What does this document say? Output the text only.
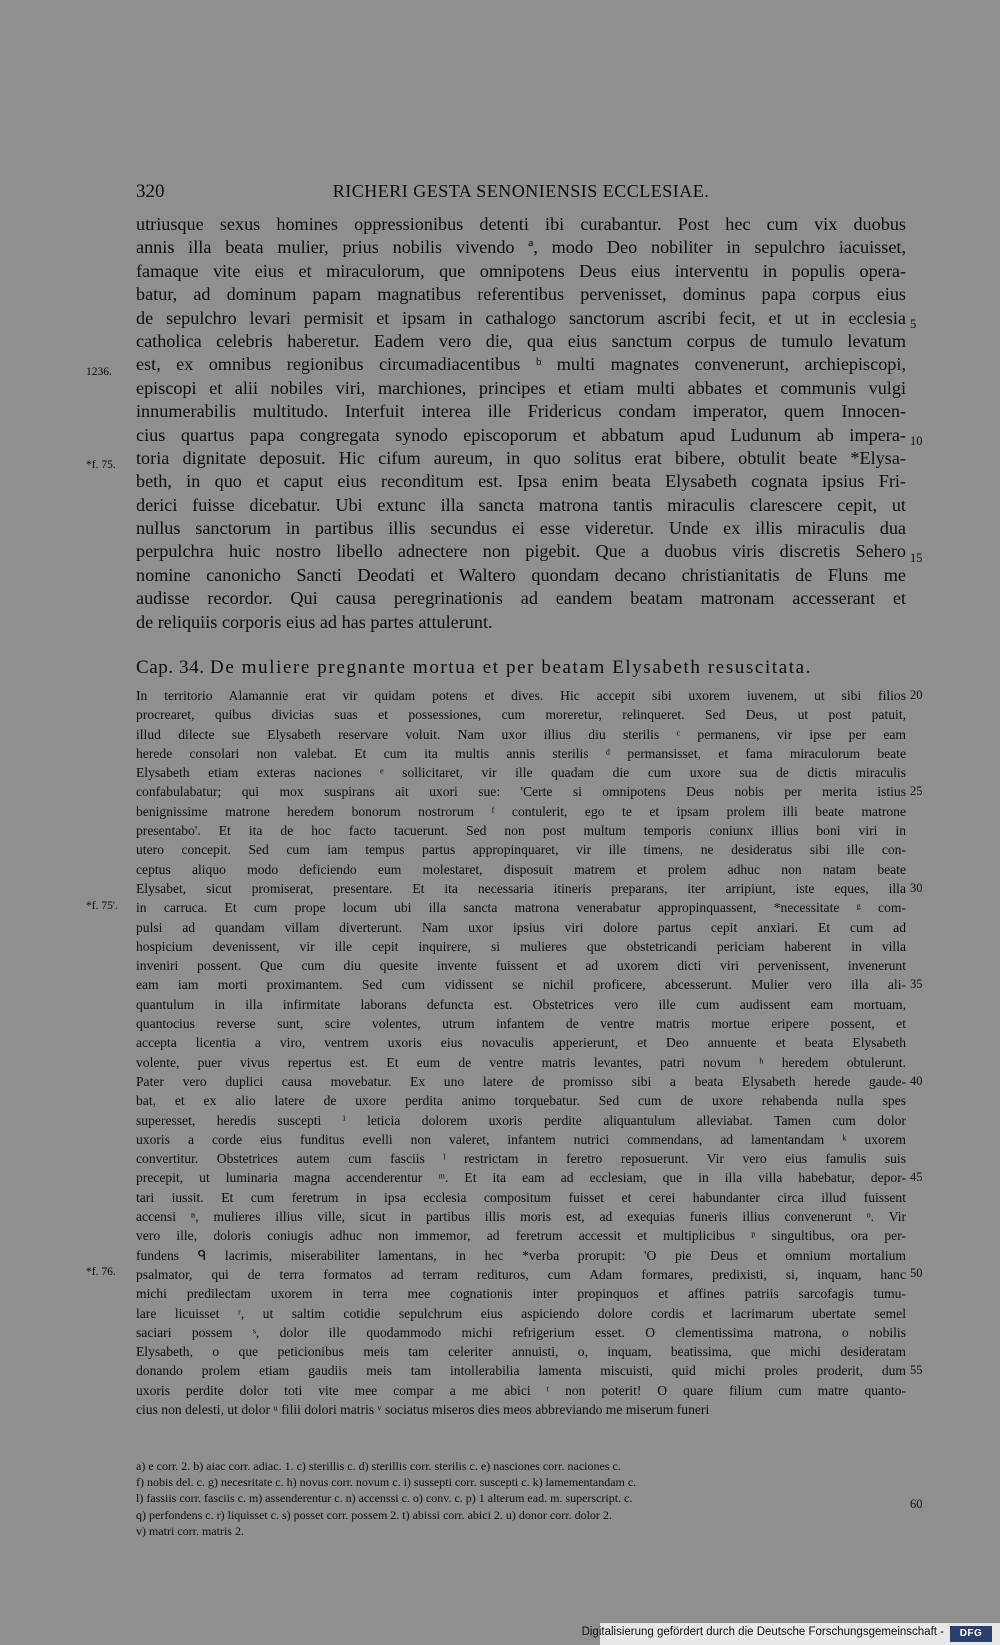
320	RICHERI GESTA SENONIENSIS ECCLESIAE.
utriusque sexus homines oppressionibus detenti ibi curabantur. Post hec cum vix duobus
annis illa beata mulier, prius nobilis vivendo ª, modo Deo nobiliter in sepulchro iacuisset,
famaque vite eius et miraculorum, que omnipotens Deus eius interventu in populis opera-
batur, ad dominum papam magnatibus referentibus pervenisset, dominus papa corpus eius
de sepulchro levari permisit et ipsam in cathalogo sanctorum ascribi fecit, et ut in ecclesia
catholica celebris haberetur. Eadem vero die, qua eius sanctum corpus de tumulo levatum
est, ex omnibus regionibus circumadiacentibus ᵇ multi magnates convenerunt, archiepiscopi,
episcopi et alii nobiles viri, marchiones, principes et etiam multi abbates et communis vulgi
innumerabilis multitudo. Interfuit interea ille Fridericus condam imperator, quem Innocen-
cius quartus papa congregata synodo episcoporum et abbatum apud Ludunum ab impera-
toria dignitate deposuit. Hic cifum aureum, in quo solitus erat bibere, obtulit beate *Elysa-
beth, in quo et caput eius reconditum est. Ipsa enim beata Elysabeth cognata ipsius Fri-
derici fuisse dicebatur. Ubi extunc illa sancta matrona tantis miraculis clarescere cepit, ut
nullus sanctorum in partibus illis secundus ei esse videretur. Unde ex illis miraculis dua
perpulchra huic nostro libello adnectere non pigebit. Que a duobus viris discretis Sehero
nomine canonicho Sancti Deodati et Waltero quondam decano christianitatis de Fluns me
audisse recordor. Qui causa peregrinationis ad eandem beatam matronam accesserant et
de reliquiis corporis eius ad has partes attulerunt.
Cap. 34. De muliere pregnante mortua et per beatam Elysabeth resuscitata.
In territorio Alamannie erat vir quidam potens et dives. Hic accepit sibi uxorem iuvenem, ut sibi filios
procrearet, quibus divicias suas et possessiones, cum moreretur, relinqueret. Sed Deus, ut post patuit,
illud dilecte sue Elysabeth reservare voluit. Nam uxor illius diu sterilis ᶜ permanens, vir ipse per eam
herede consolari non valebat. Et cum ita multis annis sterilis ᵈ permansisset, et fama miraculorum beate
Elysabeth etiam exteras naciones ᵉ sollicitaret, vir ille quadam die cum uxore sua de dictis miraculis
confabulabatur; qui mox suspirans ait uxori sue: 'Certe si omnipotens Deus nobis per merita istius
benignissime matrone heredem bonorum nostrorum ᶠ contulerit, ego te et ipsam prolem illi beate matrone
presentabo'. Et ita de hoc facto tacuerunt. Sed non post multum temporis coniunx illius boni viri in
utero concepit. Sed cum iam tempus partus appropinquaret, vir ille timens, ne desideratus sibi ille con-
ceptus aliquo modo deficiendo eum molestaret, disposuit matrem et prolem adhuc non natam beate
Elysabet, sicut promiserat, presentare. Et ita necessaria itineris preparans, iter arripiunt, iste eques, illa
in carruca. Et cum prope locum ubi illa sancta matrona venerabatur appropinquassent, *necessitate ᵍ com-
pulsi ad quandam villam diverterunt. Nam uxor ipsius viri dolore partus cepit anxiari. Et cum ad
hospicium devenissent, vir ille cepit inquirere, si mulieres que obstetricandi periciam haberent in villa
inveniri possent. Que cum diu quesite invente fuissent et ad uxorem dicti viri pervenissent, invenerunt
eam iam morti proximantem. Sed cum vidissent se nichil proficere, abcesserunt. Mulier vero illa ali-
quantulum in illa infirmitate laborans defuncta est. Obstetrices vero ille cum audissent eam mortuam,
quantocius reverse sunt, scire volentes, utrum infantem de ventre matris mortue eripere possent, et
accepta licentia a viro, ventrem uxoris eius novaculis apperierunt, et Deo annuente et beata Elysabeth
volente, puer vivus repertus est. Et eum de ventre matris levantes, patri novum ʰ heredem obtulerunt.
Pater vero duplici causa movebatur. Ex uno latere de promisso sibi a beata Elysabeth herede gaude-
bat, et ex alio latere de uxore perdita animo torquebatur. Sed cum de uxore rehabenda nulla spes
superesset, heredis suscepti ⁱ leticia dolorem uxoris perdite aliquantulum alleviabat. Tamen cum dolor
uxoris a corde eius funditus evelli non valeret, infantem nutrici commendans, ad lamentandam ᵏ uxorem
convertitur. Obstetrices autem cum fasciis ˡ restrictam in feretro reposuerunt. Vir vero eius famulis suis
precepit, ut luminaria magna accenderentur ᵐ. Et ita eam ad ecclesiam, que in illa villa habebatur, depor-
tari iussit. Et cum feretrum in ipsa ecclesia compositum fuisset et cerei habundanter circa illud fuissent
accensi ⁿ, mulieres illius ville, sicut in partibus illis moris est, ad exequias funeris illius convenerunt ᵒ. Vir
vero ille, doloris coniugis adhuc non immemor, ad feretrum accessit et multiplicibus ᵖ singultibus, ora per-
fundens ᑫ lacrimis, miserabiliter lamentans, in hec *verba prorupit: 'O pie Deus et omnium mortalium
psalmator, qui de terra formatos ad terram redituros, cum Adam formares, predixisti, si, inquam, hanc
michi predilectam uxorem in terra mee cognationis inter propinquos et affines patriis sarcofagis tumu-
lare licuisset ʳ, ut saltim cotidie sepulchrum eius aspiciendo dolore cordis et lacrimarum ubertate semel
saciari possem ˢ, dolor ille quodammodo michi refrigerium esset. O clementissima matrona, o nobilis
Elysabeth, o que peticionibus meis tam celeriter annuisti, o, inquam, beatissima, que michi desideratam
donando prolem etiam gaudiis meis tam intollerabilia lamenta miscuisti, quid michi proles proderit, dum
uxoris perdite dolor toti vite mee compar a me abici ᵗ non poterit! O quare filium cum matre quanto-
cius non delesti, ut dolor ᵘ filii dolori matris ᵛ sociatus miseros dies meos abbreviando me miserum funeri
a) e corr. 2. b) aiac corr. adiac. 1. c) sterillis c. d) sterillis corr. sterilis c. e) nasciones corr. naciones c.
f) nobis del. c. g) necesritate c. h) novus corr. novum c. i) sussepti corr. suscepti c. k) lamementandam c.
l) fassiis corr. fasciis c. m) assenderentur c. n) accenssi c. o) conv. c. p) 1 alterum ead. m. superscript. c.
q) perfondens c. r) liquisset c. s) posset corr. possem 2. t) abissi corr. abici 2. u) donor corr. dolor 2.
v) matri corr. matris 2.
5
10
15
1236.
*f. 75.
20
25
30
35
40
45
50
55
60
*f. 75'.
*f. 76.
Digitalisierung gefördert durch die Deutsche Forschungsgemeinschaft -	DFG
